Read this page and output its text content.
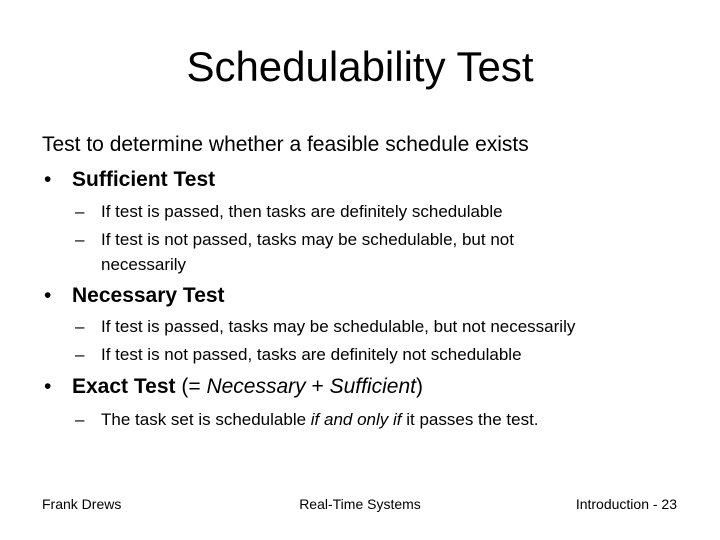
Schedulability Test
Test to determine whether a feasible schedule exists
• Sufficient Test
– If test is passed, then tasks are definitely schedulable
– If test is not passed, tasks may be schedulable, but not
necessarily
• Necessary Test
– If test is passed, tasks may be schedulable, but not necessarily
– If test is not passed, tasks are definitely not schedulable
• Exact Test (= Necessary + Sufficient)
– The task set is schedulable if and only if it passes the test.
Frank Drews	Real-Time Systems	Introduction - 23
